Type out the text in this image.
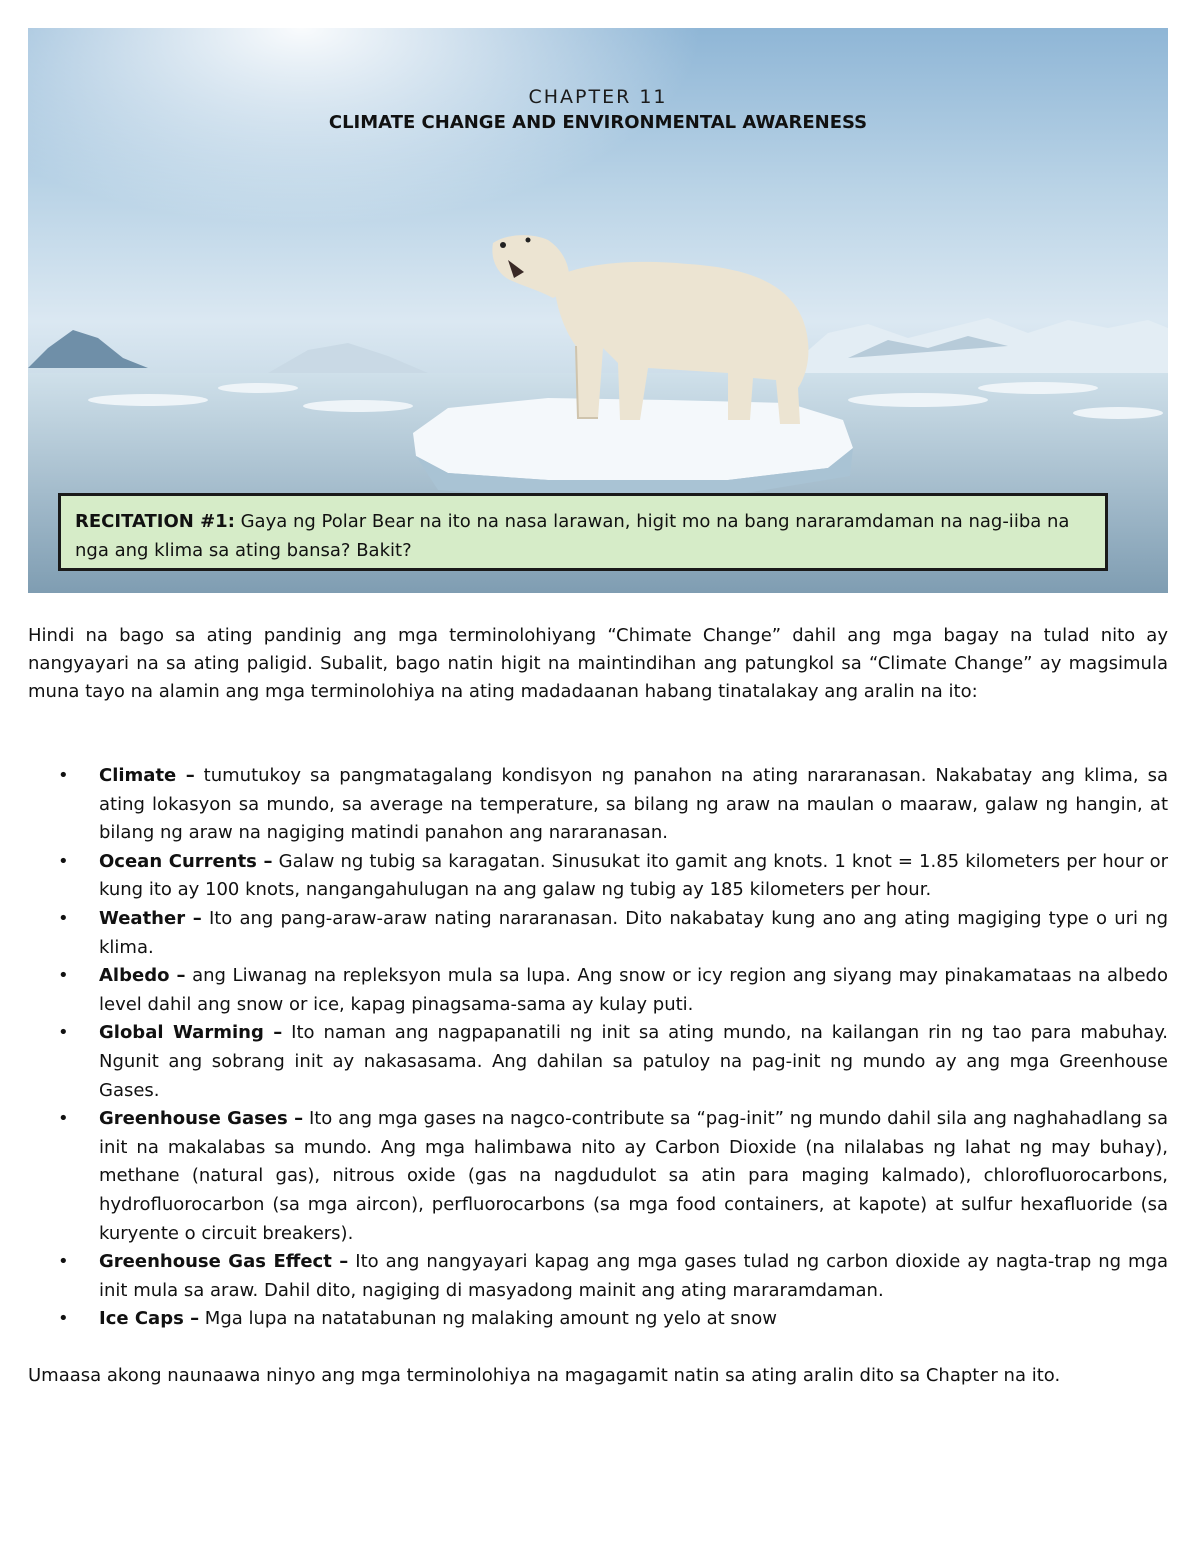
CHAPTER 11
CLIMATE CHANGE AND ENVIRONMENTAL AWARENESS
RECITATION #1: Gaya ng Polar Bear na ito na nasa larawan, higit mo na bang nararamdaman na nag-iiba na nga ang klima sa ating bansa? Bakit?

Hindi na bago sa ating pandinig ang mga terminolohiyang “Chimate Change” dahil ang mga bagay na tulad nito ay nangyayari na sa ating paligid. Subalit, bago natin higit na maintindihan ang patungkol sa “Climate Change” ay magsimula muna tayo na alamin ang mga terminolohiya na ating madadaanan habang tinatalakay ang aralin na ito:

• Climate – tumutukoy sa pangmatagalang kondisyon ng panahon na ating nararanasan. Nakabatay ang klima, sa ating lokasyon sa mundo, sa average na temperature, sa bilang ng araw na maulan o maaraw, galaw ng hangin, at bilang ng araw na nagiging matindi panahon ang nararanasan.
• Ocean Currents – Galaw ng tubig sa karagatan. Sinusukat ito gamit ang knots. 1 knot = 1.85 kilometers per hour or kung ito ay 100 knots, nangangahulugan na ang galaw ng tubig ay 185 kilometers per hour.
• Weather – Ito ang pang-araw-araw nating nararanasan. Dito nakabatay kung ano ang ating magiging type o uri ng klima.
• Albedo – ang Liwanag na repleksyon mula sa lupa. Ang snow or icy region ang siyang may pinakamataas na albedo level dahil ang snow or ice, kapag pinagsama-sama ay kulay puti.
• Global Warming – Ito naman ang nagpapanatili ng init sa ating mundo, na kailangan rin ng tao para mabuhay. Ngunit ang sobrang init ay nakasasama. Ang dahilan sa patuloy na pag-init ng mundo ay ang mga Greenhouse Gases.
• Greenhouse Gases – Ito ang mga gases na nagco-contribute sa “pag-init” ng mundo dahil sila ang naghahadlang sa init na makalabas sa mundo. Ang mga halimbawa nito ay Carbon Dioxide (na nilalabas ng lahat ng may buhay), methane (natural gas), nitrous oxide (gas na nagdudulot sa atin para maging kalmado), chlorofluorocarbons, hydrofluorocarbon (sa mga aircon), perfluorocarbons (sa mga food containers, at kapote) at sulfur hexafluoride (sa kuryente o circuit breakers).
• Greenhouse Gas Effect – Ito ang nangyayari kapag ang mga gases tulad ng carbon dioxide ay nagta-trap ng mga init mula sa araw. Dahil dito, nagiging di masyadong mainit ang ating mararamdaman.
• Ice Caps – Mga lupa na natatabunan ng malaking amount ng yelo at snow

Umaasa akong naunaawa ninyo ang mga terminolohiya na magagamit natin sa ating aralin dito sa Chapter na ito.
